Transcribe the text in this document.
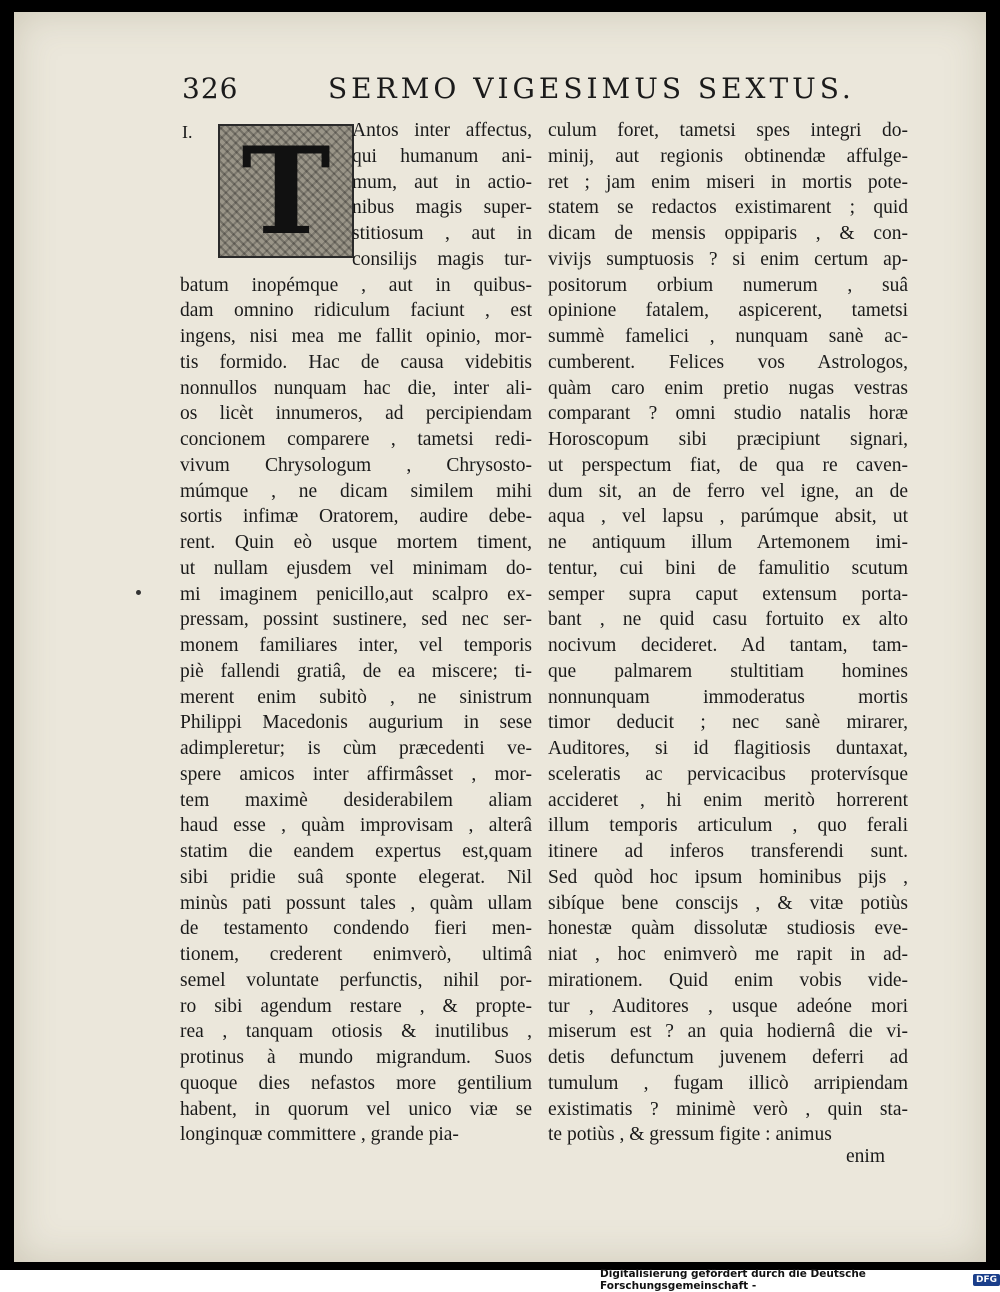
326	SERMO VIGESIMUS SEXTUS.
I. T	Antos inter affectus,
qui humanum ani-
mum, aut in actio-
nibus magis super-
stitiosum , aut in
consilijs magis tur-
batum inopémque , aut in quibus-
dam omnino ridiculum faciunt , est
ingens, nisi mea me fallit opinio, mor-
tis formido. Hac de causa videbitis
nonnullos nunquam hac die, inter ali-
os licèt innumeros, ad percipiendam
concionem comparere , tametsi redi-
vivum Chrysologum , Chrysosto-
múmque , ne dicam similem mihi
sortis infimæ Oratorem, audire debe-
rent. Quin eò usque mortem timent,
ut nullam ejusdem vel minimam do-
mi imaginem penicillo,aut scalpro ex-
pressam, possint sustinere, sed nec ser-
monem familiares inter, vel temporis
piè fallendi gratiâ, de ea miscere; ti-
merent enim subitò , ne sinistrum
Philippi Macedonis augurium in sese
adimpleretur; is cùm præcedenti ve-
spere amicos inter affirmâsset , mor-
tem maximè desiderabilem aliam
haud esse , quàm improvisam , alterâ
statim die eandem expertus est,quam
sibi pridie suâ sponte elegerat. Nil
minùs pati possunt tales , quàm ullam
de testamento condendo fieri men-
tionem, crederent enimverò, ultimâ
semel voluntate perfunctis, nihil por-
ro sibi agendum restare , & propte-
rea , tanquam otiosis & inutilibus ,
protinus à mundo migrandum. Suos
quoque dies nefastos more gentilium
habent, in quorum vel unico viæ se
longinquæ committere , grande pia-
culum foret, tametsi spes integri do-
minij, aut regionis obtinendæ affulge-
ret ; jam enim miseri in mortis pote-
statem se redactos existimarent ; quid
dicam de mensis oppiparis , & con-
vivijs sumptuosis ? si enim certum ap-
positorum orbium numerum , suâ
opinione fatalem, aspicerent, tametsi
summè famelici , nunquam sanè ac-
cumberent. Felices vos Astrologos,
quàm caro enim pretio nugas vestras
comparant ? omni studio natalis horæ
Horoscopum sibi præcipiunt signari,
ut perspectum fiat, de qua re caven-
dum sit, an de ferro vel igne, an de
aqua , vel lapsu , parúmque absit, ut
ne antiquum illum Artemonem imi-
tentur, cui bini de famulitio scutum
semper supra caput extensum porta-
bant , ne quid casu fortuito ex alto
nocivum decideret. Ad tantam, tam-
que palmarem stultitiam homines
nonnunquam immoderatus mortis
timor deducit ; nec sanè mirarer,
Auditores, si id flagitiosis duntaxat,
sceleratis ac pervicacibus protervísque
accideret , hi enim meritò horrerent
illum temporis articulum , quo ferali
itinere ad inferos transferendi sunt.
Sed quòd hoc ipsum hominibus pijs ,
sibíque bene conscijs , & vitæ potiùs
honestæ quàm dissolutæ studiosis eve-
niat , hoc enimverò me rapit in ad-
mirationem. Quid enim vobis vide-
tur , Auditores , usque adeóne mori
miserum est ? an quia hodiernâ die vi-
detis defunctum juvenem deferri ad
tumulum , fugam illicò arripiendam
existimatis ? minimè verò , quin sta-
te potiùs , & gressum figite : animus
enim
Digitalisierung gefördert durch die Deutsche Forschungsgemeinschaft -	DFG
